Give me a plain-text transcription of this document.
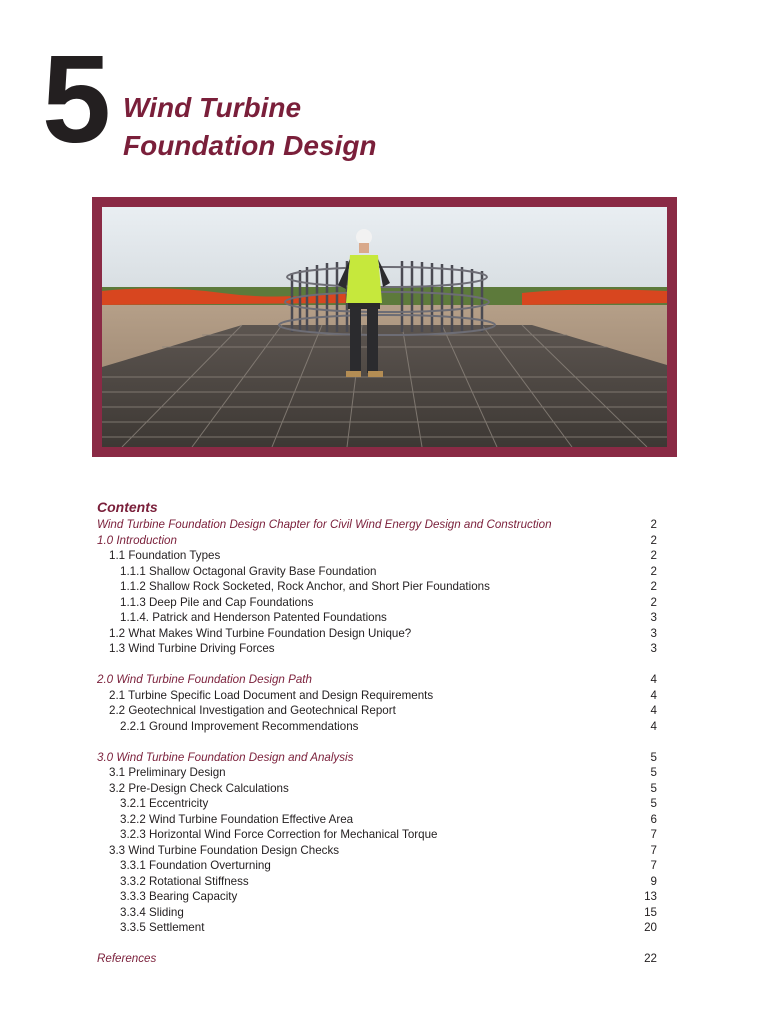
5 Wind Turbine
Foundation Design
Contents
Wind Turbine Foundation Design Chapter for Civil Wind Energy Design and Construction	2
1.0 Introduction	2
1.1 Foundation Types	2
1.1.1 Shallow Octagonal Gravity Base Foundation	2
1.1.2 Shallow Rock Socketed, Rock Anchor, and Short Pier Foundations	2
1.1.3 Deep Pile and Cap Foundations	2
1.1.4. Patrick and Henderson Patented Foundations	3
1.2 What Makes Wind Turbine Foundation Design Unique?	3
1.3 Wind Turbine Driving Forces	3
2.0 Wind Turbine Foundation Design Path	4
2.1 Turbine Specific Load Document and Design Requirements	4
2.2 Geotechnical Investigation and Geotechnical Report	4
2.2.1 Ground Improvement Recommendations	4
3.0 Wind Turbine Foundation Design and Analysis	5
3.1 Preliminary Design	5
3.2 Pre-Design Check Calculations	5
3.2.1 Eccentricity	5
3.2.2 Wind Turbine Foundation Effective Area	6
3.2.3 Horizontal Wind Force Correction for Mechanical Torque	7
3.3 Wind Turbine Foundation Design Checks	7
3.3.1 Foundation Overturning	7
3.3.2 Rotational Stiffness	9
3.3.3 Bearing Capacity	13
3.3.4 Sliding	15
3.3.5 Settlement	20
References	22
